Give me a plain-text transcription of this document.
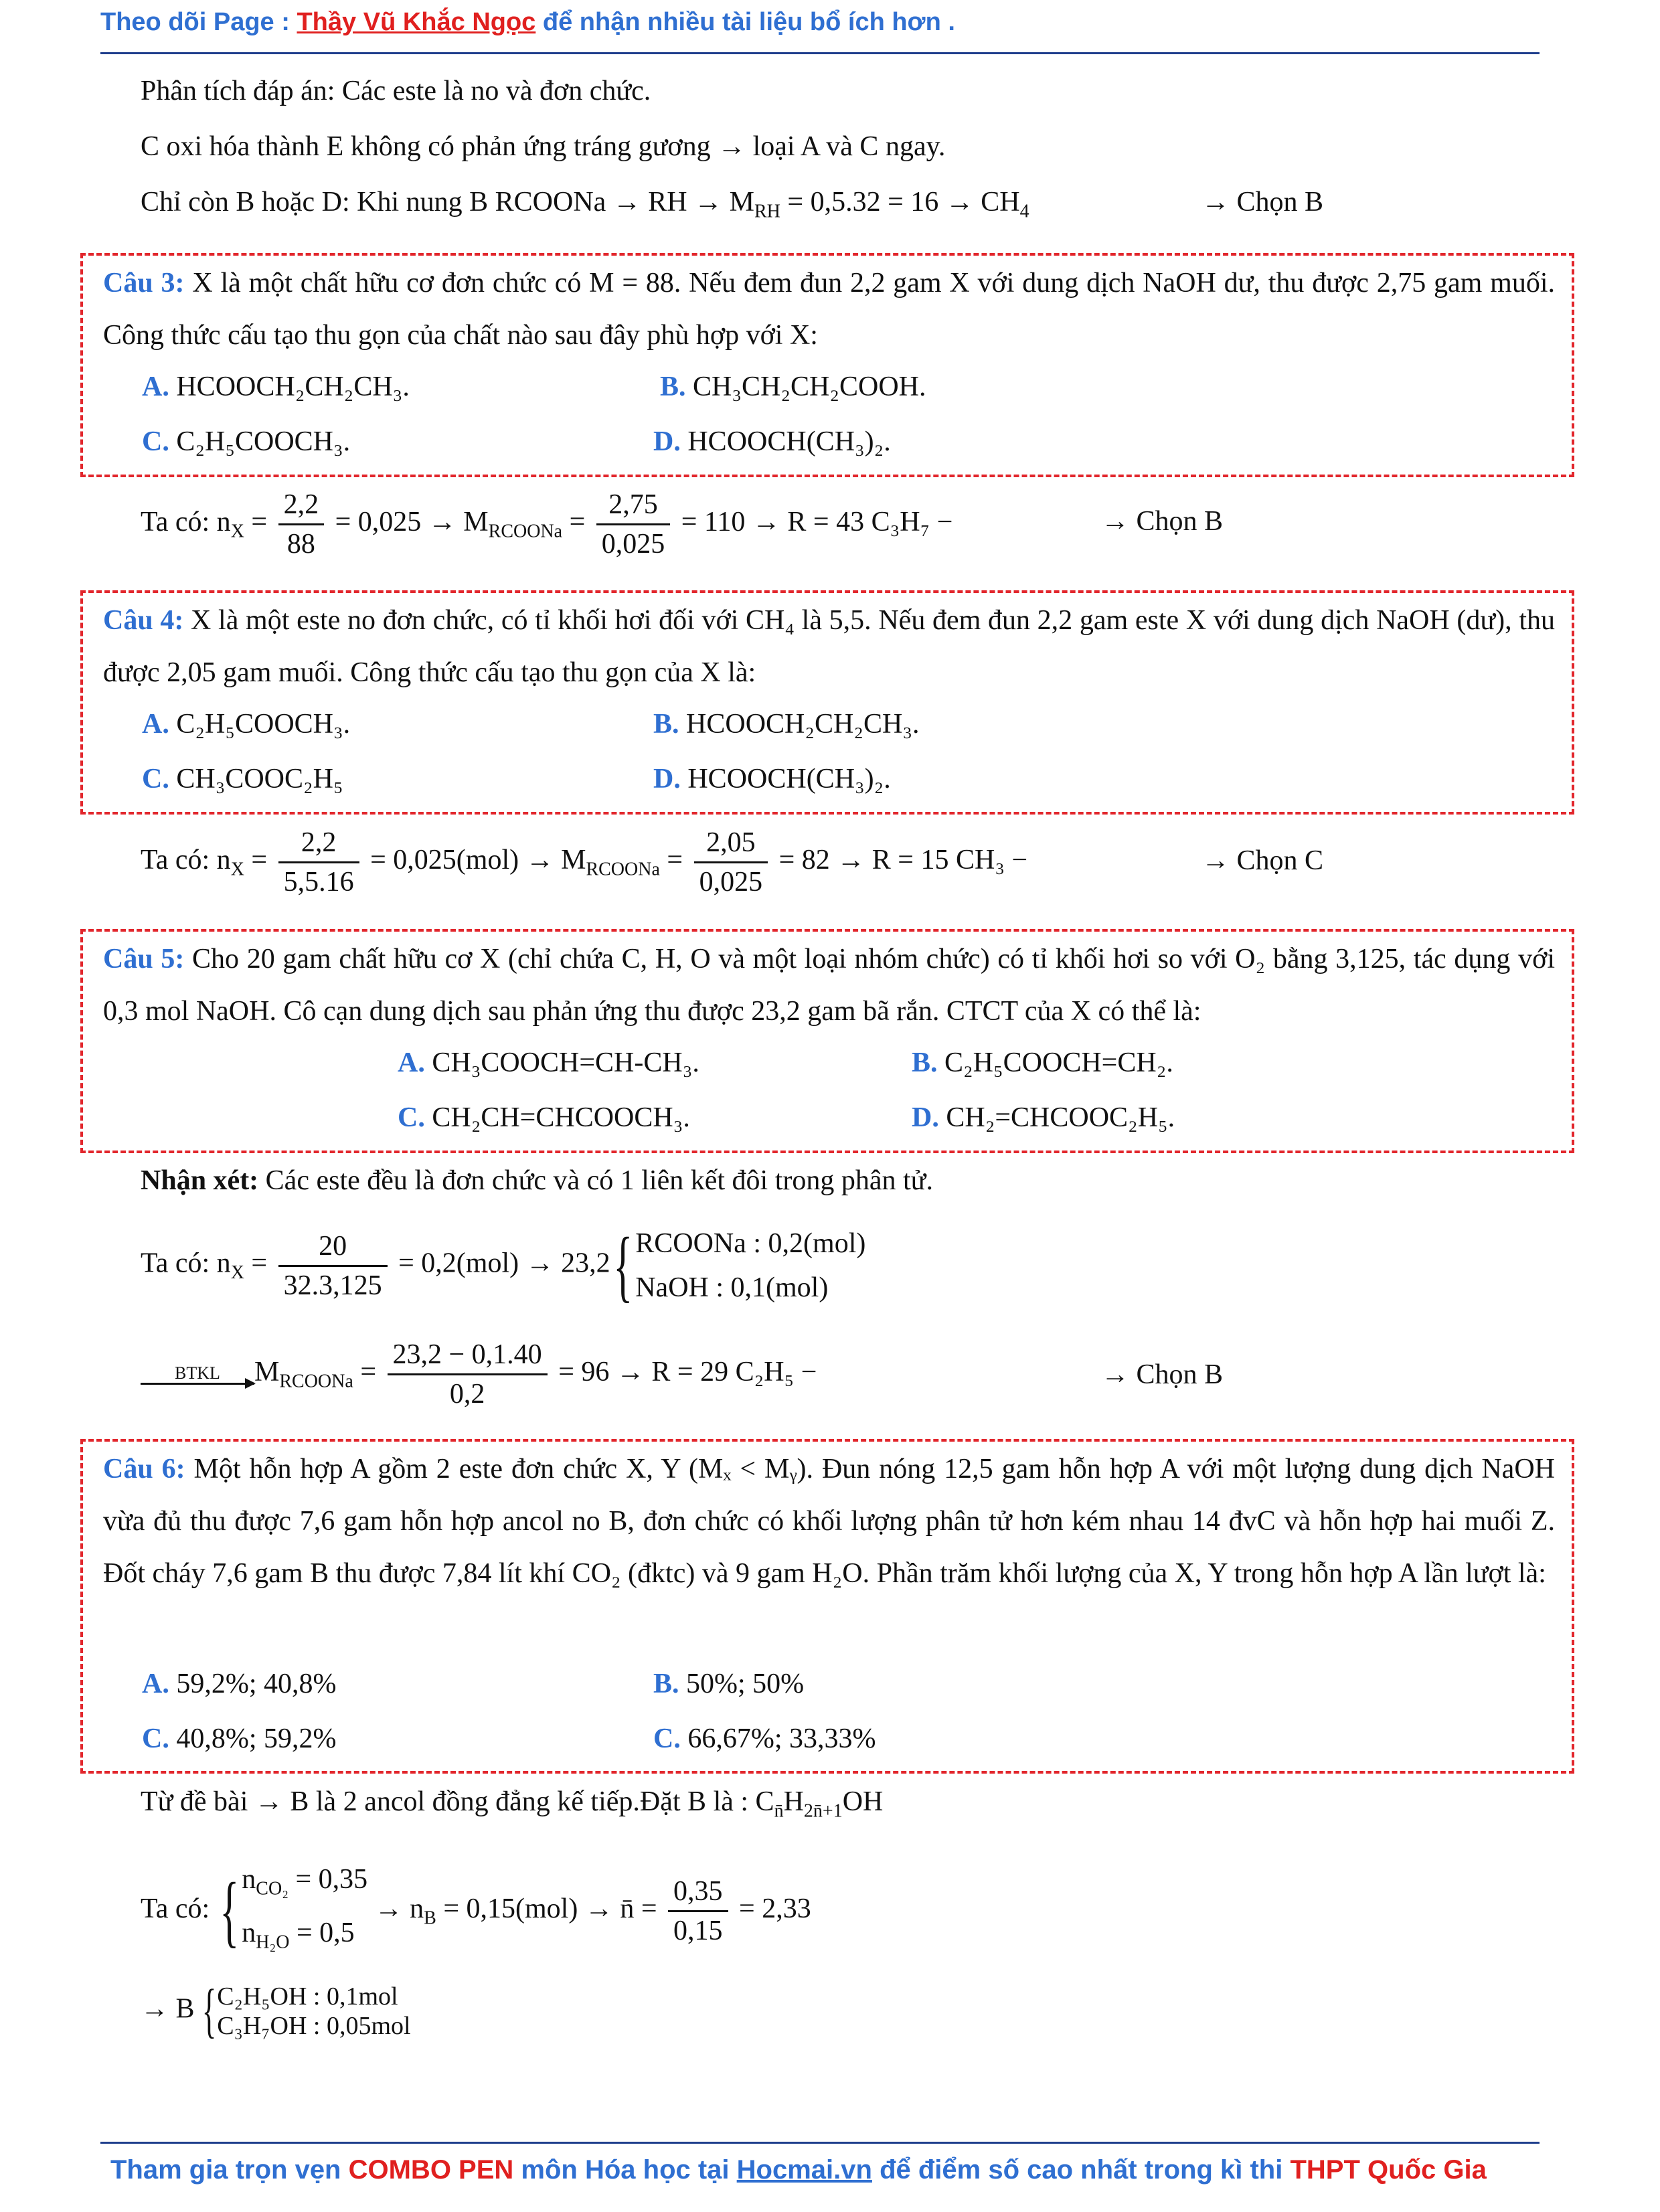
Theo dõi Page : Thầy Vũ Khắc Ngọc để nhận nhiều tài liệu bổ ích hơn .
Phân tích đáp án: Các este là no và đơn chức.
C oxi hóa thành E không có phản ứng tráng gương → loại A và C ngay.
Chỉ còn B hoặc D: Khi nung B RCOONa → RH → $M_{RH} = 0,5.32 = 16 \to CH_4$	→ Chọn B
Câu 3: X là một chất hữu cơ đơn chức có M = 88. Nếu đem đun 2,2 gam X với dung dịch NaOH dư, thu được 2,75 gam muối. Công thức cấu tạo thu gọn của chất nào sau đây phù hợp với X:
A. HCOOCH₂CH₂CH₃.	B. CH₃CH₂CH₂COOH.
C. C₂H₅COOCH₃.	D. HCOOCH(CH₃)₂.
Ta có: $n_X = \frac{2,2}{88} = 0,025 \to M_{RCOONa} = \frac{2,75}{0,025} = 110 \to R = 43$ C₃H₇ −	→ Chọn B
Câu 4: X là một este no đơn chức, có tỉ khối hơi đối với CH₄ là 5,5. Nếu đem đun 2,2 gam este X với dung dịch NaOH (dư), thu được 2,05 gam muối. Công thức cấu tạo thu gọn của X là:
A. C₂H₅COOCH₃.	B. HCOOCH₂CH₂CH₃.
C. CH₃COOC₂H₅	D. HCOOCH(CH₃)₂.
Ta có: $n_X = \frac{2,2}{5,5.16} = 0,025(mol) \to M_{RCOONa} = \frac{2,05}{0,025} = 82 \to R = 15$ CH₃ −	→ Chọn C
Câu 5: Cho 20 gam chất hữu cơ X (chỉ chứa C, H, O và một loại nhóm chức) có tỉ khối hơi so với O₂ bằng 3,125, tác dụng với 0,3 mol NaOH. Cô cạn dung dịch sau phản ứng thu được 23,2 gam bã rắn. CTCT của X có thể là:
A. CH₃COOCH=CH-CH₃.	B. C₂H₅COOCH=CH₂.
C. CH₂CH=CHCOOCH₃.	D. CH₂=CHCOOC₂H₅.
Nhận xét: Các este đều là đơn chức và có 1 liên kết đôi trong phân tử.
Ta có: $n_X = \frac{20}{32.3,125} = 0,2(mol) \to 23,2${ RCOONa : 0,2(mol)
NaOH : 0,1(mol)
BTKL	$M_{RCOONa} = \frac{23,2 - 0,1.40}{0,2} = 96 \to R = 29$ C₂H₅ −	→ Chọn B
Câu 6: Một hỗn hợp A gồm 2 este đơn chức X, Y (Mₓ < Mᵧ). Đun nóng 12,5 gam hỗn hợp A với một lượng dung dịch NaOH vừa đủ thu được 7,6 gam hỗn hợp ancol no B, đơn chức có khối lượng phân tử hơn kém nhau 14 đvC và hỗn hợp hai muối Z. Đốt cháy 7,6 gam B thu được 7,84 lít khí CO₂ (đktc) và 9 gam H₂O. Phần trăm khối lượng của X, Y trong hỗn hợp A lần lượt là:
A. 59,2%; 40,8%	B. 50%; 50%
C. 40,8%; 59,2%	C. 66,67%; 33,33%
Từ đề bài → B là 2 ancol đồng đẳng kế tiếp.Đặt B là : $C_{n̄}H_{2n̄+1}OH$
Ta có: { $n_{CO_2} = 0,35$
$n_{H_2O} = 0,5$
→ $n_B = 0,15(mol)$ → n̄ = $\frac{0,35}{0,15} = 2,33$
→ B { C₂H₅OH : 0,1mol
C₃H₇OH : 0,05mol
Tham gia trọn vẹn COMBO PEN môn Hóa học tại Hocmai.vn để điểm số cao nhất trong kì thi THPT Quốc Gia
